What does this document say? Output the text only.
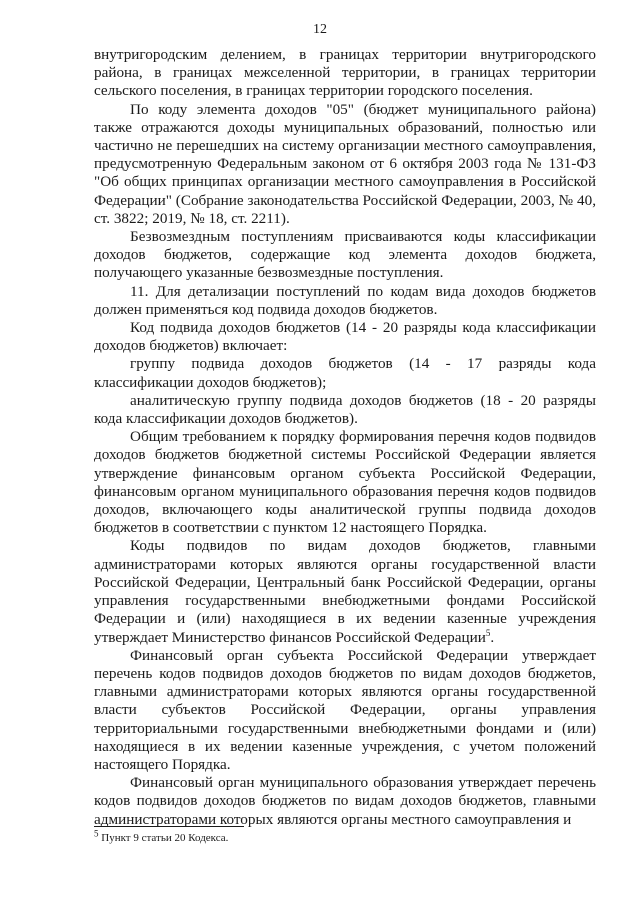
12

внутригородским делением, в границах территории внутригородского района, в границах межселенной территории, в границах территории сельского поселения, в границах территории городского поселения.

По коду элемента доходов "05" (бюджет муниципального района) также отражаются доходы муниципальных образований, полностью или частично не перешедших на систему организации местного самоуправления, предусмотренную Федеральным законом от 6 октября 2003 года № 131-ФЗ "Об общих принципах организации местного самоуправления в Российской Федерации" (Собрание законодательства Российской Федерации, 2003, № 40, ст. 3822; 2019, № 18, ст. 2211).

Безвозмездным поступлениям присваиваются коды классификации доходов бюджетов, содержащие код элемента доходов бюджета, получающего указанные безвозмездные поступления.

11. Для детализации поступлений по кодам вида доходов бюджетов должен применяться код подвида доходов бюджетов.

Код подвида доходов бюджетов (14 - 20 разряды кода классификации доходов бюджетов) включает:

группу подвида доходов бюджетов (14 - 17 разряды кода классификации доходов бюджетов);

аналитическую группу подвида доходов бюджетов (18 - 20 разряды кода классификации доходов бюджетов).

Общим требованием к порядку формирования перечня кодов подвидов доходов бюджетов бюджетной системы Российской Федерации является утверждение финансовым органом субъекта Российской Федерации, финансовым органом муниципального образования перечня кодов подвидов доходов, включающего коды аналитической группы подвида доходов бюджетов в соответствии с пунктом 12 настоящего Порядка.

Коды подвидов по видам доходов бюджетов, главными администраторами которых являются органы государственной власти Российской Федерации, Центральный банк Российской Федерации, органы управления государственными внебюджетными фондами Российской Федерации и (или) находящиеся в их ведении казенные учреждения утверждает Министерство финансов Российской Федерации$^5$.

Финансовый орган субъекта Российской Федерации утверждает перечень кодов подвидов доходов бюджетов по видам доходов бюджетов, главными администраторами которых являются органы государственной власти субъектов Российской Федерации, органы управления территориальными государственными внебюджетными фондами и (или) находящиеся в их ведении казенные учреждения, с учетом положений настоящего Порядка.

Финансовый орган муниципального образования утверждает перечень кодов подвидов доходов бюджетов по видам доходов бюджетов, главными администраторами которых являются органы местного самоуправления и

$^5$ Пункт 9 статьи 20 Кодекса.
